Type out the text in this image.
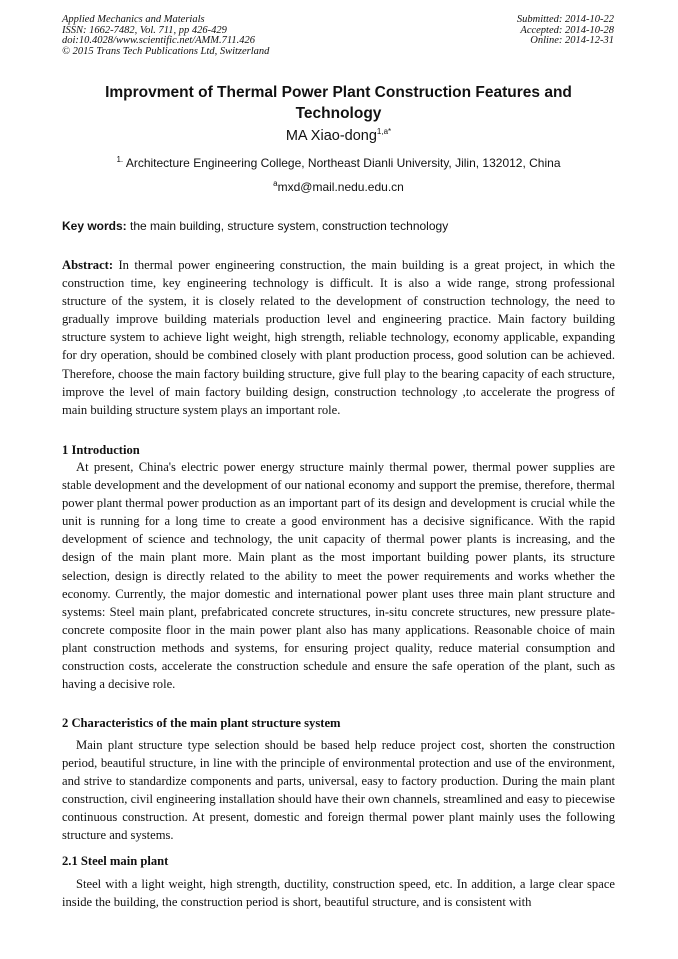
Applied Mechanics and Materials
ISSN: 1662-7482, Vol. 711, pp 426-429
doi:10.4028/www.scientific.net/AMM.711.426
© 2015 Trans Tech Publications Ltd, Switzerland
Submitted: 2014-10-22
Accepted: 2014-10-28
Online: 2014-12-31
Improvment of Thermal Power Plant Construction Features and Technology
MA Xiao-dong$^{1,a*}$
$^{1.}$ Architecture Engineering College, Northeast Dianli University, Jilin, 132012, China
$^a$mxd@mail.nedu.edu.cn
Key words: the main building, structure system, construction technology
Abstract: In thermal power engineering construction, the main building is a great project, in which the construction time, key engineering technology is difficult. It is also a wide range, strong professional structure of the system, it is closely related to the development of construction technology, the need to gradually improve building materials production level and engineering practice. Main factory building structure system to achieve light weight, high strength, reliable technology, economy applicable, expanding for dry operation, should be combined closely with plant production process, good solution can be achieved. Therefore, choose the main factory building structure, give full play to the bearing capacity of each structure, improve the level of main factory building design, construction technology ,to accelerate the progress of main building structure system plays an important role.
1 Introduction
At present, China's electric power energy structure mainly thermal power, thermal power supplies are stable development and the development of our national economy and support the premise, therefore, thermal power plant thermal power production as an important part of its design and development is crucial while the unit is running for a long time to create a good environment has a decisive significance. With the rapid development of science and technology, the unit capacity of thermal power plants is increasing, and the design of the main plant more. Main plant as the most important building power plants, its structure selection, design is directly related to the ability to meet the power requirements and works whether the economy. Currently, the major domestic and international power plant uses three main plant structure and systems: Steel main plant, prefabricated concrete structures, in-situ concrete structures, new pressure plate-concrete composite floor in the main power plant also has many applications. Reasonable choice of main plant construction methods and systems, for ensuring project quality, reduce material consumption and construction costs, accelerate the construction schedule and ensure the safe operation of the plant, such as having a decisive role.
2 Characteristics of the main plant structure system
Main plant structure type selection should be based help reduce project cost, shorten the construction period, beautiful structure, in line with the principle of environmental protection and use of the environment, and strive to standardize components and parts, universal, easy to factory production. During the main plant construction, civil engineering installation should have their own channels, streamlined and easy to piecewise continuous construction. At present, domestic and foreign thermal power plant mainly uses the following structure and systems.
2.1 Steel main plant
Steel with a light weight, high strength, ductility, construction speed, etc. In addition, a large clear space inside the building, the construction period is short, beautiful structure, and is consistent with
